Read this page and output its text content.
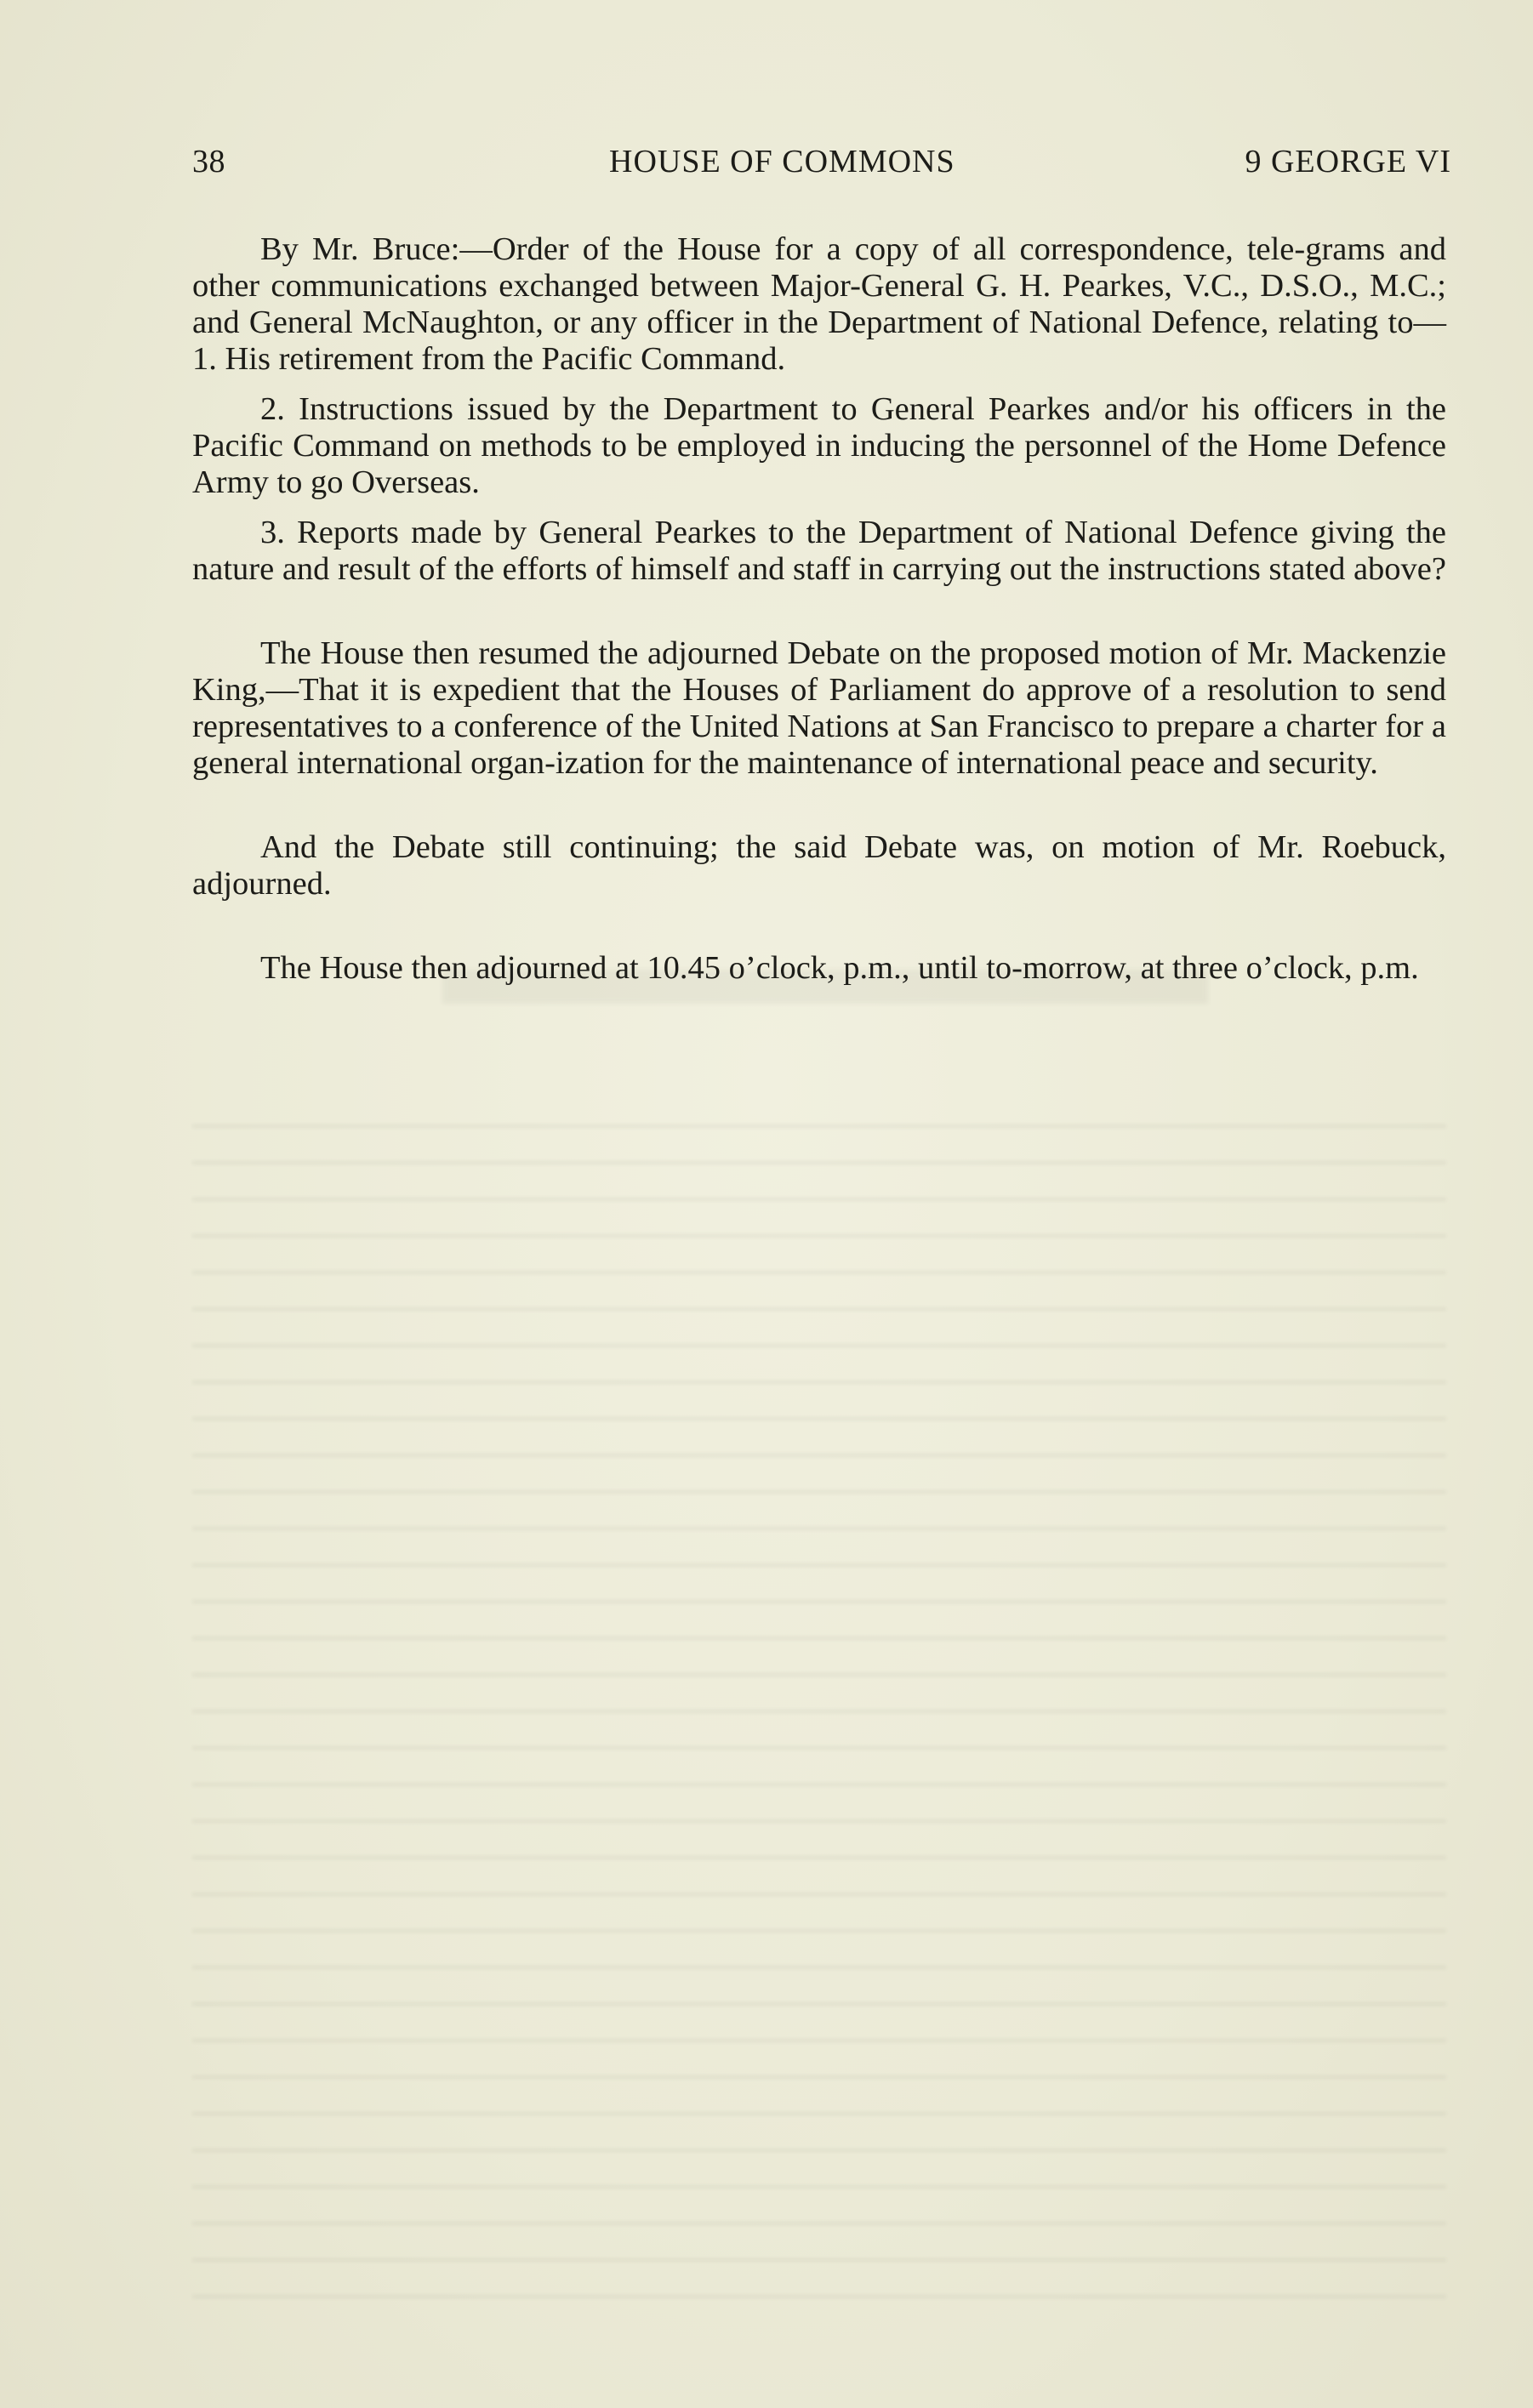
38	HOUSE OF COMMONS	9 GEORGE VI

By Mr. Bruce:—Order of the House for a copy of all correspondence, tele-grams and other communications exchanged between Major-General G. H. Pearkes, V.C., D.S.O., M.C.; and General McNaughton, or any officer in the Department of National Defence, relating to—1. His retirement from the Pacific Command.

2. Instructions issued by the Department to General Pearkes and/or his officers in the Pacific Command on methods to be employed in inducing the personnel of the Home Defence Army to go Overseas.

3. Reports made by General Pearkes to the Department of National Defence giving the nature and result of the efforts of himself and staff in carrying out the instructions stated above?

The House then resumed the adjourned Debate on the proposed motion of Mr. Mackenzie King,—That it is expedient that the Houses of Parliament do approve of a resolution to send representatives to a conference of the United Nations at San Francisco to prepare a charter for a general international organ-ization for the maintenance of international peace and security.

And the Debate still continuing; the said Debate was, on motion of Mr. Roebuck, adjourned.

The House then adjourned at 10.45 o’clock, p.m., until to-morrow, at three o’clock, p.m.
